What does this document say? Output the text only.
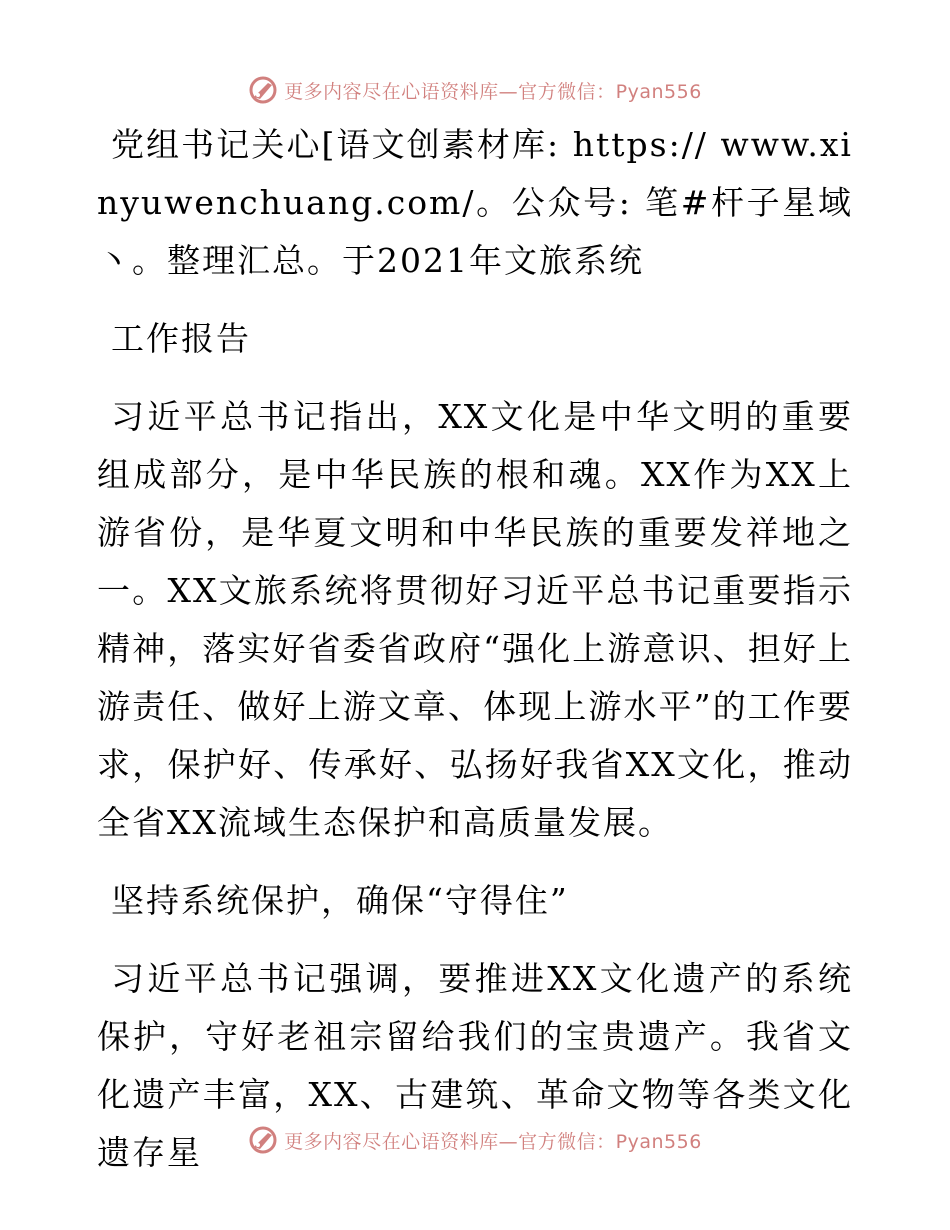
更多内容尽在心语资料库—官方微信：Pyan556

党组书记关心[语文创素材库: https:// www.xinyuwenchuang.com/。公众号: 笔#杆子星域丶。整理汇总。于2021年文旅系统

工作报告

习近平总书记指出，XX文化是中华文明的重要组成部分，是中华民族的根和魂。XX作为XX上游省份，是华夏文明和中华民族的重要发祥地之一。XX文旅系统将贯彻好习近平总书记重要指示精神，落实好省委省政府“强化上游意识、担好上游责任、做好上游文章、体现上游水平”的工作要求，保护好、传承好、弘扬好我省XX文化，推动全省XX流域生态保护和高质量发展。

坚持系统保护，确保“守得住”

习近平总书记强调，要推进XX文化遗产的系统保护，守好老祖宗留给我们的宝贵遗产。我省文化遗产丰富，XX、古建筑、革命文物等各类文化遗存星	更多内容尽在心语资料库—官方微信：Pyan556
